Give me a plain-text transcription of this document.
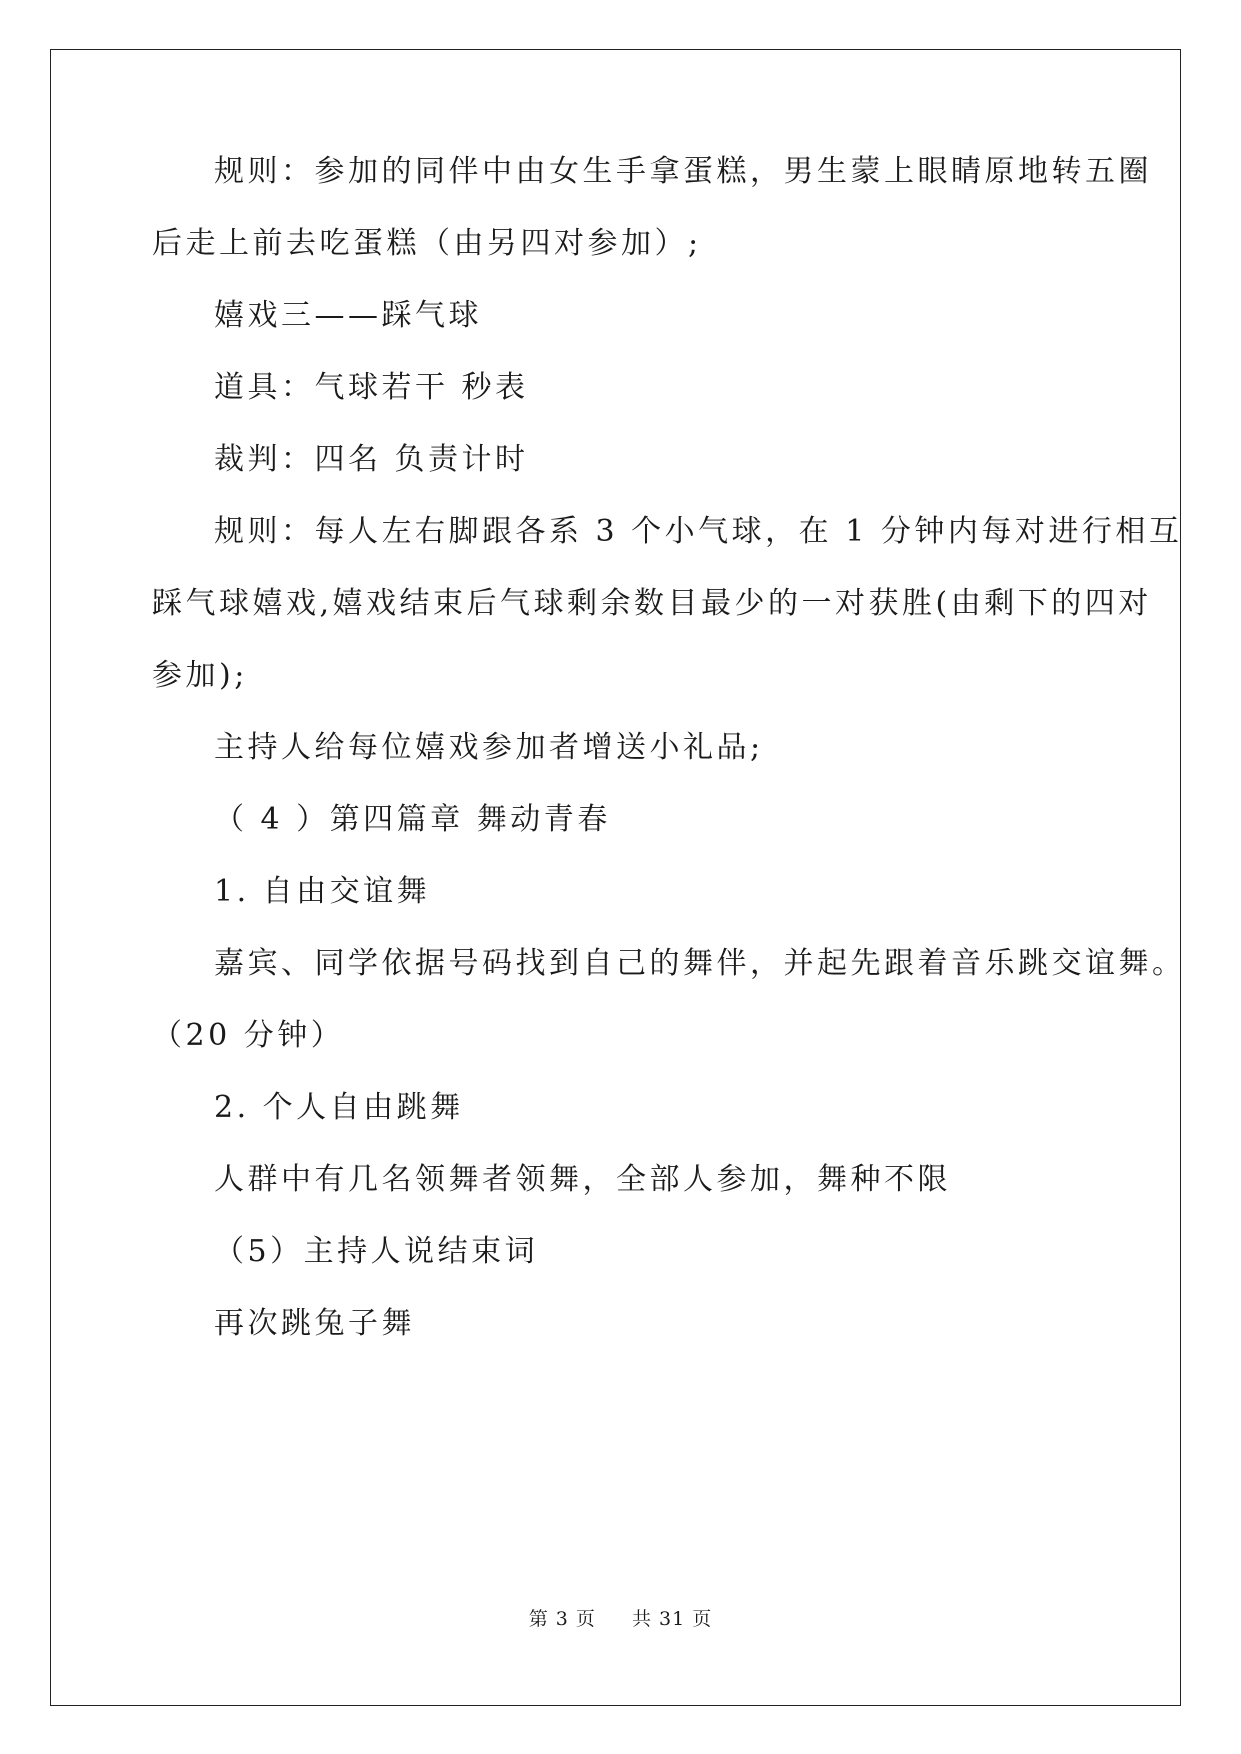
规则：参加的同伴中由女生手拿蛋糕，男生蒙上眼睛原地转五圈
后走上前去吃蛋糕（由另四对参加）;
嬉戏三——踩气球
道具：气球若干 秒表
裁判：四名 负责计时
规则：每人左右脚跟各系 3 个小气球，在 1 分钟内每对进行相互
踩气球嬉戏,嬉戏结束后气球剩余数目最少的一对获胜(由剩下的四对
参加);
主持人给每位嬉戏参加者增送小礼品;
（ 4 ）第四篇章 舞动青春
1. 自由交谊舞
嘉宾、同学依据号码找到自己的舞伴，并起先跟着音乐跳交谊舞。
（20 分钟）
2. 个人自由跳舞
人群中有几名领舞者领舞，全部人参加，舞种不限
（5）主持人说结束词
再次跳兔子舞
第 3 页 共 31 页
